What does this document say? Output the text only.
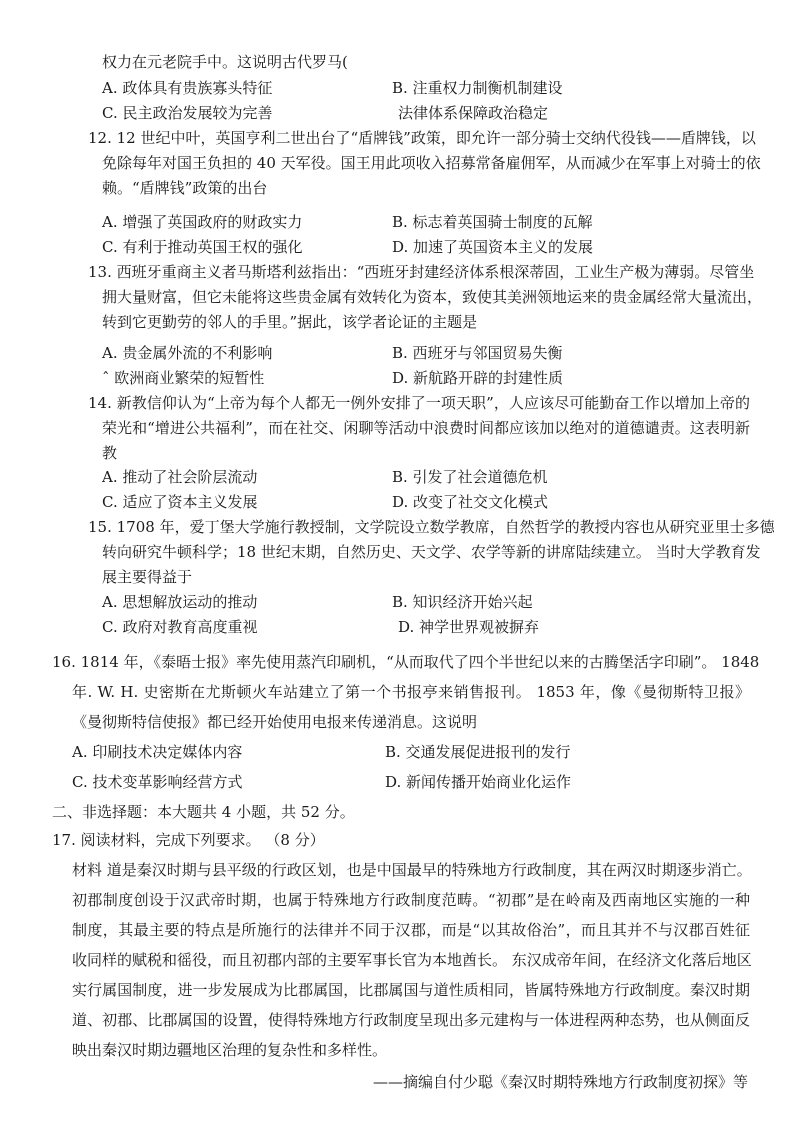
权力在元老院手中。这说明古代罗马(
A. 政体具有贵族寡头特征	B. 注重权力制衡机制建设
C. 民主政治发展较为完善	法律体系保障政治稳定
12. 12 世纪中叶，英国亨利二世出台了“盾牌钱”政策，即允许一部分骑士交纳代役钱——盾牌钱，以
免除每年对国王负担的 40 天军役。国王用此项收入招募常备雇佣军，从而减少在军事上对骑士的依
赖。“盾牌钱”政策的出台
A. 增强了英国政府的财政实力	B. 标志着英国骑士制度的瓦解
C. 有利于推动英国王权的强化	D. 加速了英国资本主义的发展
13. 西班牙重商主义者马斯塔利兹指出：“西班牙封建经济体系根深蒂固，工业生产极为薄弱。尽管坐
拥大量财富，但它未能将这些贵金属有效转化为资本，致使其美洲领地运来的贵金属经常大量流出，
转到它更勤劳的邻人的手里。”据此，该学者论证的主题是
A. 贵金属外流的不利影响	B. 西班牙与邻国贸易失衡
ˆ 欧洲商业繁荣的短暂性	D. 新航路开辟的封建性质
14. 新教信仰认为“上帝为每个人都无一例外安排了一项天职”，人应该尽可能勤奋工作以增加上帝的
荣光和“增进公共福利”，而在社交、闲聊等活动中浪费时间都应该加以绝对的道德谴责。这表明新
教
A. 推动了社会阶层流动	B. 引发了社会道德危机
C. 适应了资本主义发展	D. 改变了社交文化模式
15. 1708 年，爱丁堡大学施行教授制，文学院设立数学教席，自然哲学的教授内容也从研究亚里士多德
转向研究牛顿科学；18 世纪末期，自然历史、天文学、农学等新的讲席陆续建立。 当时大学教育发
展主要得益于
A. 思想解放运动的推动	B. 知识经济开始兴起
C. 政府对教育高度重视	D. 神学世界观被摒弃
16. 1814 年，《泰晤士报》率先使用蒸汽印刷机，“从而取代了四个半世纪以来的古腾堡活字印刷”。 1848
年. W. H. 史密斯在尤斯顿火车站建立了第一个书报亭来销售报刊。 1853 年，像《曼彻斯特卫报》
《曼彻斯特信使报》都已经开始使用电报来传递消息。这说明
A. 印刷技术决定媒体内容	B. 交通发展促进报刊的发行
C. 技术变革影响经营方式	D. 新闻传播开始商业化运作
二、非选择题：本大题共 4 小题，共 52 分。
17. 阅读材料，完成下列要求。 （8 分）
材料 道是秦汉时期与县平级的行政区划，也是中国最早的特殊地方行政制度，其在两汉时期逐步消亡。
初郡制度创设于汉武帝时期，也属于特殊地方行政制度范畴。“初郡”是在岭南及西南地区实施的一种
制度，其最主要的特点是所施行的法律并不同于汉郡，而是“以其故俗治”，而且其并不与汉郡百姓征
收同样的赋税和徭役，而且初郡内部的主要军事长官为本地酋长。 东汉成帝年间，在经济文化落后地区
实行属国制度，进一步发展成为比郡属国，比郡属国与道性质相同，皆属特殊地方行政制度。秦汉时期
道、初郡、比郡属国的设置，使得特殊地方行政制度呈现出多元建构与一体进程两种态势，也从侧面反
映出秦汉时期边疆地区治理的复杂性和多样性。
——摘编自付少聪《秦汉时期特殊地方行政制度初探》等
